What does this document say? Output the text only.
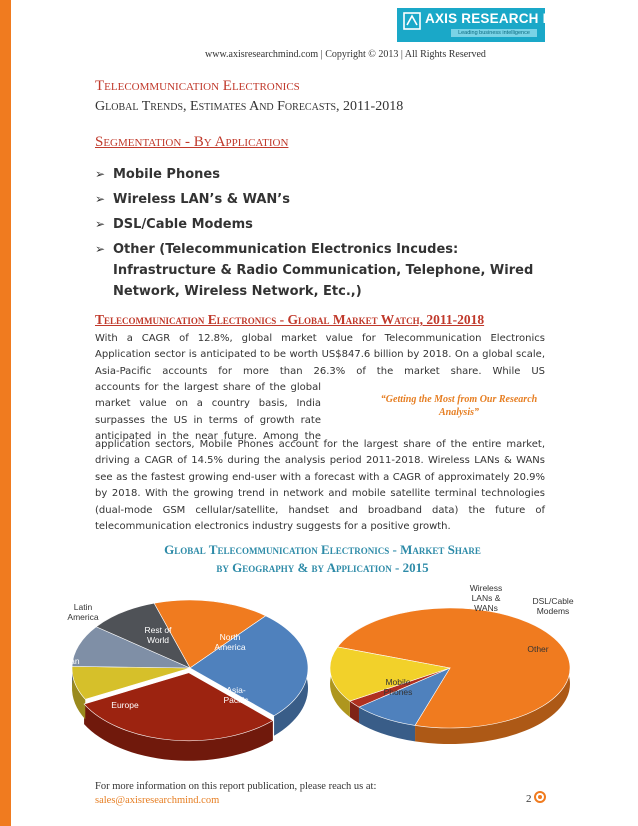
AXIS RESEARCH MIND
Leading business intelligence
www.axisresearchmind.com | Copyright © 2013 | All Rights Reserved
Telecommunication Electronics
Global Trends, Estimates And Forecasts, 2011-2018
Segmentation - By Application
➢ Mobile Phones
➢ Wireless LAN’s & WAN’s
➢ DSL/Cable Modems
➢ Other (Telecommunication Electronics Incudes: Infrastructure & Radio Communication, Telephone, Wired Network, Wireless Network, Etc.,)
Telecommunication Electronics - Global Market Watch, 2011-2018
With a CAGR of 12.8%, global market value for Telecommunication Electronics Application sector is anticipated to be worth US$847.6 billion by 2018. On a global scale, Asia-Pacific accounts for more than 26.3% of the market share. While US
accounts for the largest share of the global market value on a country basis, India surpasses the US in terms of growth rate anticipated in the near future. Among the
“Getting the Most from Our Research Analysis”
application sectors, Mobile Phones account for the largest share of the entire market, driving a CAGR of 14.5% during the analysis period 2011-2018. Wireless LANs & WANs see as the fastest growing end-user with a forecast with a CAGR of approximately 20.9% by 2018. With the growing trend in network and mobile satellite terminal technologies (dual-mode GSM cellular/satellite, handset and broadband data) the future of telecommunication electronics industry suggests for a positive growth.
Global Telecommunication Electronics - Market Share
by Geography & by Application - 2015
North America
Asia-Pacific
Europe
Japan
Latin America
Rest of World
Mobile Phones
Wireless LANs & WANs
DSL/Cable Modems
Other
For more information on this report publication, please reach us at:
sales@axisresearchmind.com	2
